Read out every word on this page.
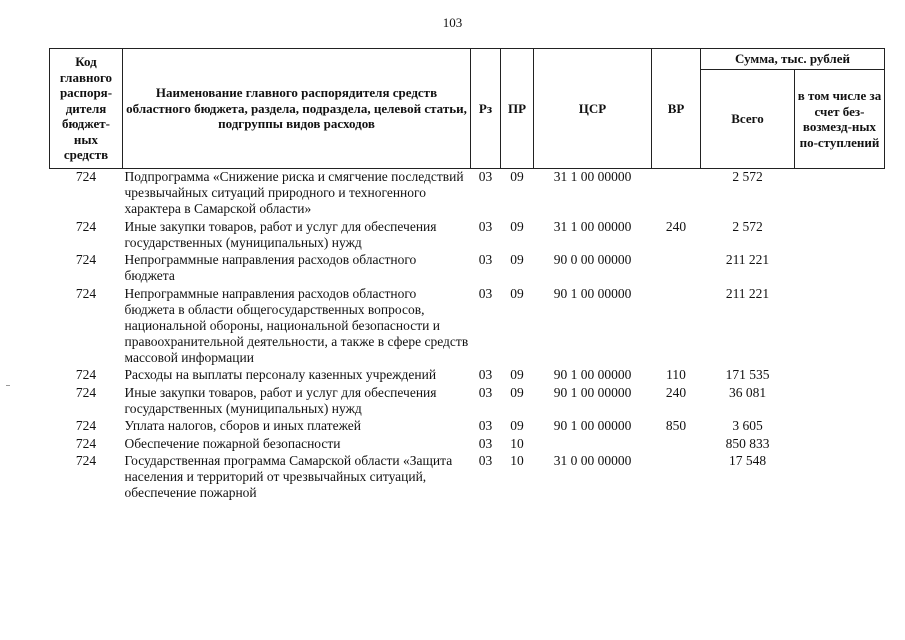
103
Код главного распоря-дителя бюджет-ных средств	Наименование главного распорядителя средств областного бюджета, раздела, подраздела, целевой статьи, подгруппы видов расходов	Рз	ПР	ЦСР	ВР	Сумма, тыс. рублей	
						Всего	в том числе за счет без-возмезд-ных по-ступлений
724	Подпрограмма «Снижение риска и смягчение последствий чрезвычайных ситуаций природного и техногенного характера в Самарской области»	03	09	31 1 00 00000		2 572	
724	Иные закупки товаров, работ и услуг для обеспечения государственных (муниципальных) нужд	03	09	31 1 00 00000	240	2 572	
724	Непрограммные направления расходов областного бюджета	03	09	90 0 00 00000		211 221	
724	Непрограммные направления расходов областного бюджета в области общегосударственных вопросов, национальной обороны, национальной безопасности и правоохранительной деятельности, а также в сфере средств массовой информации	03	09	90 1 00 00000		211 221	
724	Расходы на выплаты персоналу казенных учреждений	03	09	90 1 00 00000	110	171 535	
724	Иные закупки товаров, работ и услуг для обеспечения государственных (муниципальных) нужд	03	09	90 1 00 00000	240	36 081	
724	Уплата налогов, сборов и иных платежей	03	09	90 1 00 00000	850	3 605	
724	Обеспечение пожарной безопасности	03	10			850 833	
724	Государственная программа Самарской области «Защита населения и территорий от чрезвычайных ситуаций, обеспечение пожарной	03	10	31 0 00 00000		17 548	
